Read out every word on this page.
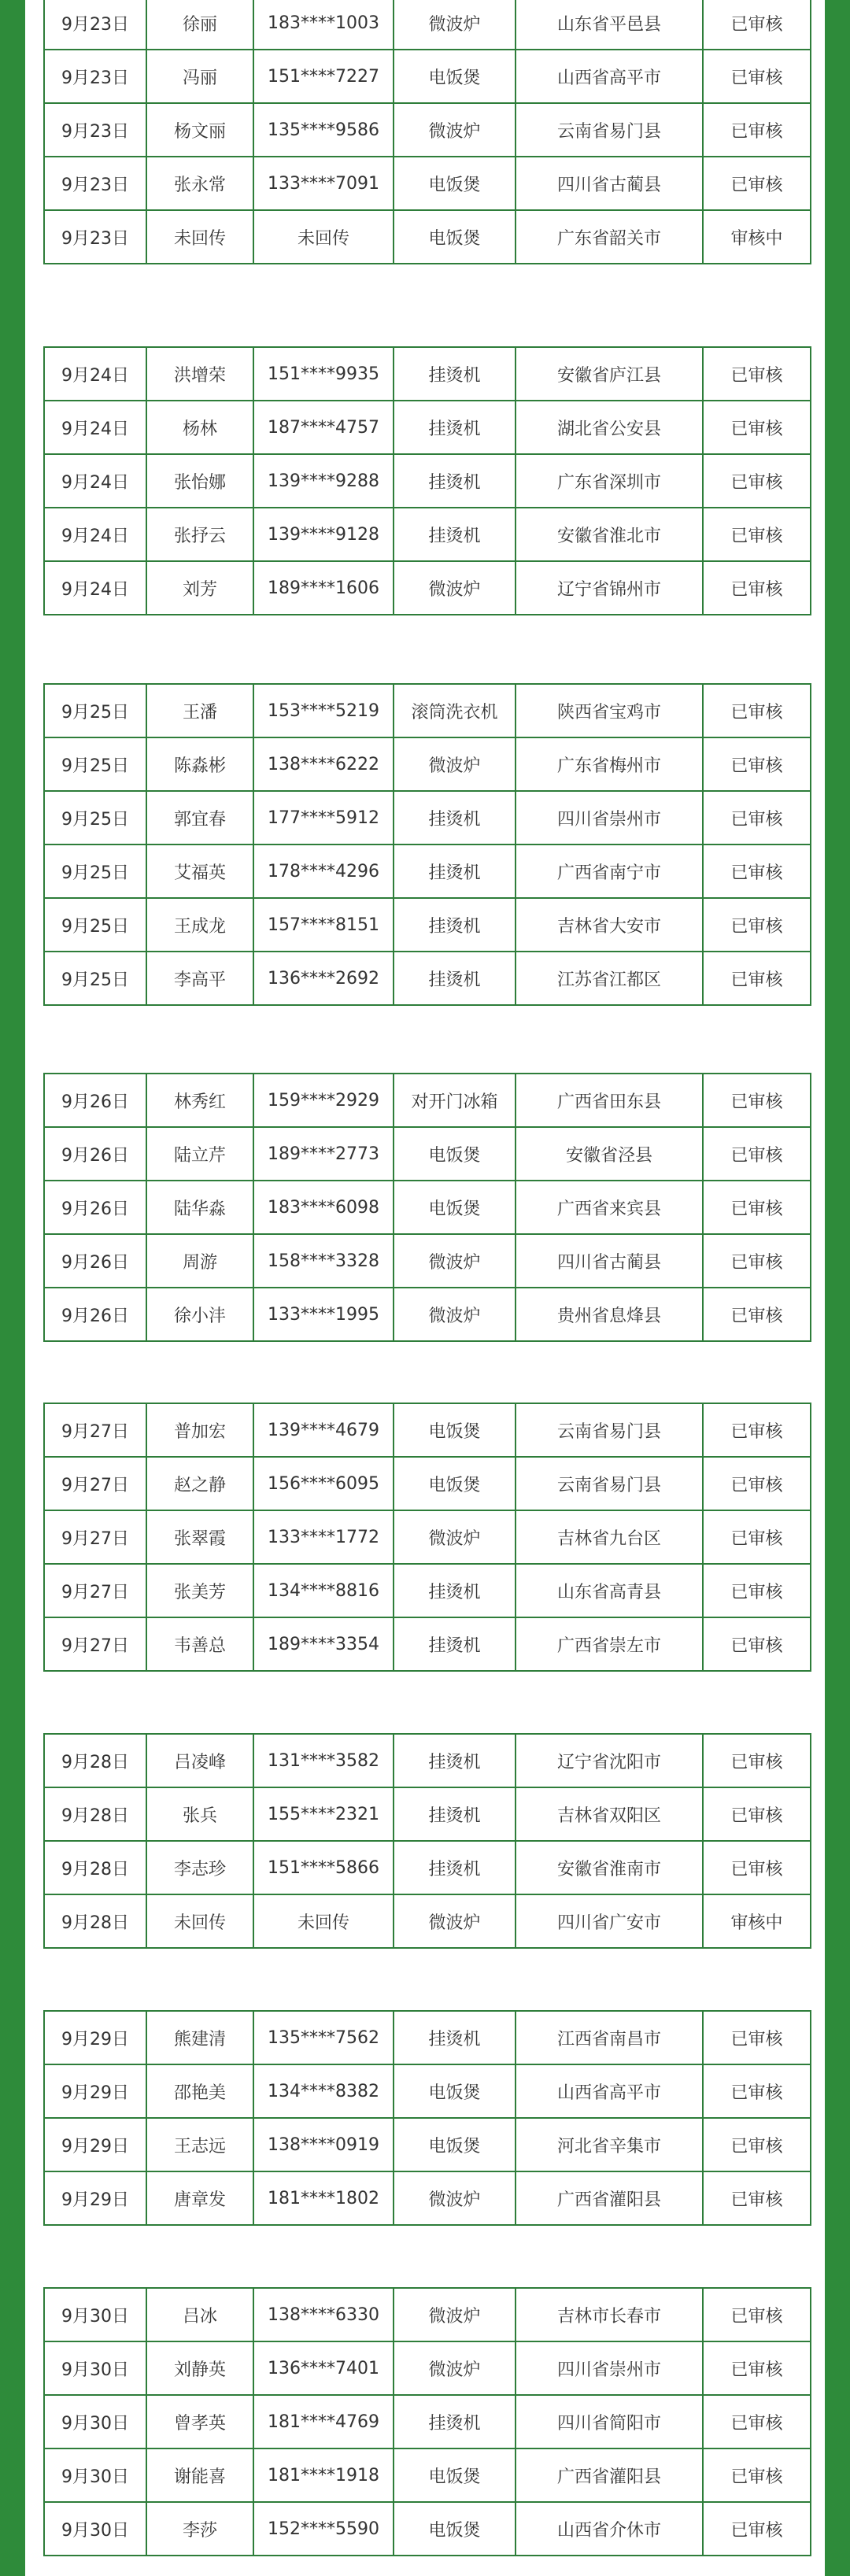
9月23日	徐丽	183****1003	微波炉	山东省平邑县	已审核
9月23日	冯丽	151****7227	电饭煲	山西省高平市	已审核
9月23日	杨文丽	135****9586	微波炉	云南省易门县	已审核
9月23日	张永常	133****7091	电饭煲	四川省古蔺县	已审核
9月23日	未回传	未回传	电饭煲	广东省韶关市	审核中
9月24日	洪增荣	151****9935	挂烫机	安徽省庐江县	已审核
9月24日	杨林	187****4757	挂烫机	湖北省公安县	已审核
9月24日	张怡娜	139****9288	挂烫机	广东省深圳市	已审核
9月24日	张抒云	139****9128	挂烫机	安徽省淮北市	已审核
9月24日	刘芳	189****1606	微波炉	辽宁省锦州市	已审核
9月25日	王潘	153****5219	滚筒洗衣机	陕西省宝鸡市	已审核
9月25日	陈淼彬	138****6222	微波炉	广东省梅州市	已审核
9月25日	郭宜春	177****5912	挂烫机	四川省崇州市	已审核
9月25日	艾福英	178****4296	挂烫机	广西省南宁市	已审核
9月25日	王成龙	157****8151	挂烫机	吉林省大安市	已审核
9月25日	李高平	136****2692	挂烫机	江苏省江都区	已审核
9月26日	林秀红	159****2929	对开门冰箱	广西省田东县	已审核
9月26日	陆立芹	189****2773	电饭煲	安徽省泾县	已审核
9月26日	陆华淼	183****6098	电饭煲	广西省来宾县	已审核
9月26日	周游	158****3328	微波炉	四川省古蔺县	已审核
9月26日	徐小沣	133****1995	微波炉	贵州省息烽县	已审核
9月27日	普加宏	139****4679	电饭煲	云南省易门县	已审核
9月27日	赵之静	156****6095	电饭煲	云南省易门县	已审核
9月27日	张翠霞	133****1772	微波炉	吉林省九台区	已审核
9月27日	张美芳	134****8816	挂烫机	山东省高青县	已审核
9月27日	韦善总	189****3354	挂烫机	广西省崇左市	已审核
9月28日	吕凌峰	131****3582	挂烫机	辽宁省沈阳市	已审核
9月28日	张兵	155****2321	挂烫机	吉林省双阳区	已审核
9月28日	李志珍	151****5866	挂烫机	安徽省淮南市	已审核
9月28日	未回传	未回传	微波炉	四川省广安市	审核中
9月29日	熊建清	135****7562	挂烫机	江西省南昌市	已审核
9月29日	邵艳美	134****8382	电饭煲	山西省高平市	已审核
9月29日	王志远	138****0919	电饭煲	河北省辛集市	已审核
9月29日	唐章发	181****1802	微波炉	广西省灌阳县	已审核
9月30日	吕冰	138****6330	微波炉	吉林市长春市	已审核
9月30日	刘静英	136****7401	微波炉	四川省崇州市	已审核
9月30日	曾孝英	181****4769	挂烫机	四川省简阳市	已审核
9月30日	谢能喜	181****1918	电饭煲	广西省灌阳县	已审核
9月30日	李莎	152****5590	电饭煲	山西省介休市	已审核
